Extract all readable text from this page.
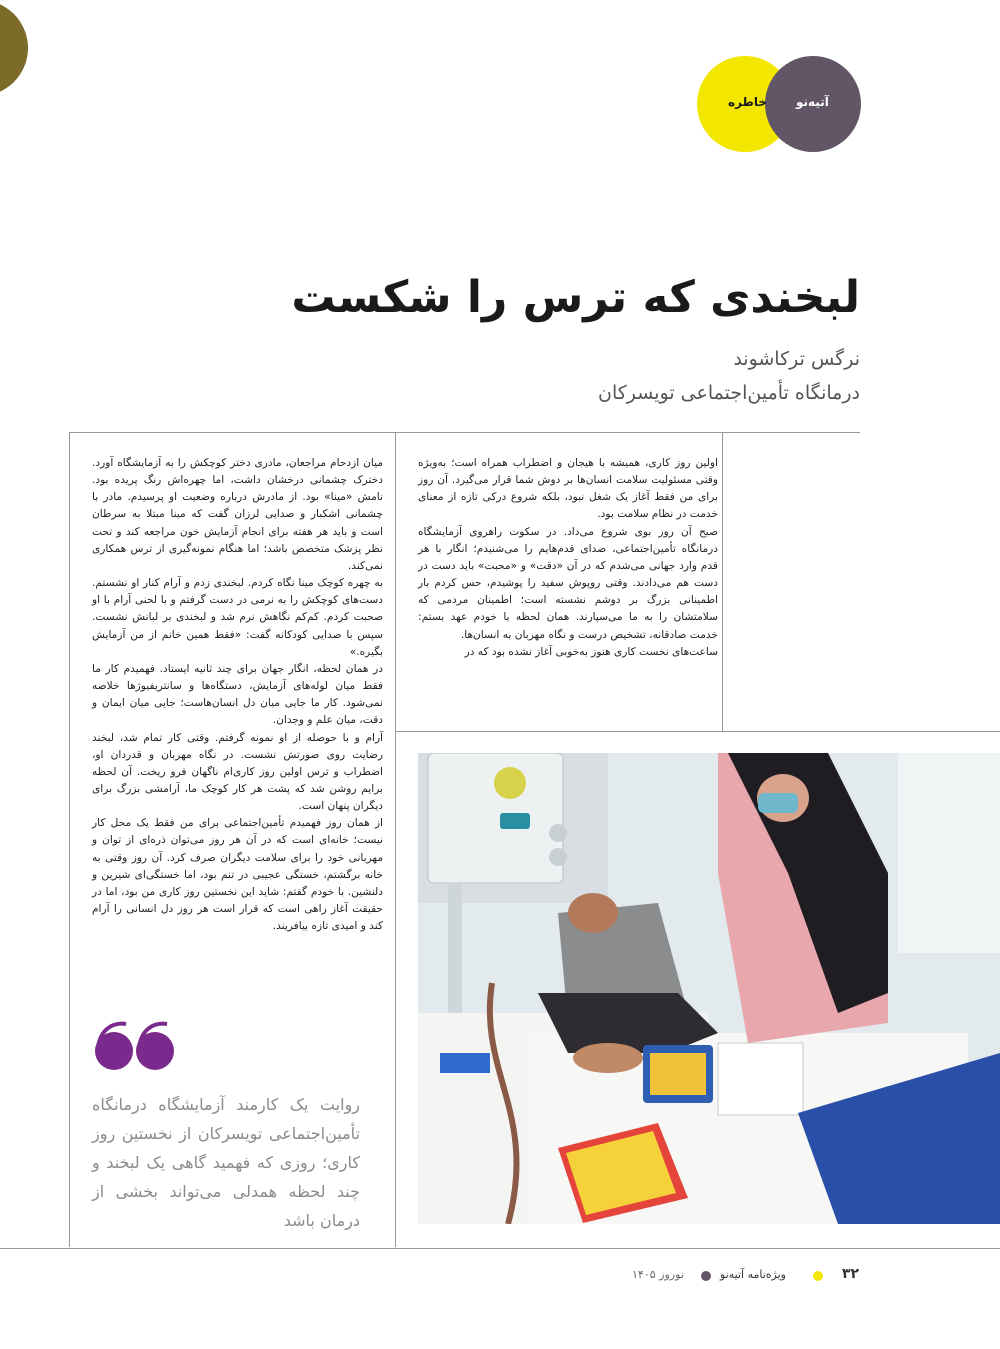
آتیه‌نو
خاطره
لبخندی که ترس را شکست
نرگس ترکاشوند
درمانگاه تأمین‌اجتماعی تویسرکان

اولین روز کاری، همیشه با هیجان و اضطراب همراه است؛ به‌ویژه وقتی مسئولیت سلامت انسان‌ها بر دوش شما قرار می‌گیرد. آن روز برای من فقط آغاز یک شغل نبود، بلکه شروع درکی تازه از معنای خدمت در نظام سلامت بود.

صبح آن روز بوی شروع می‌داد. در سکوت راهروی آزمایشگاه درمانگاه تأمین‌اجتماعی، صدای قدم‌هایم را می‌شنیدم؛ انگار با هر قدم وارد جهانی می‌شدم که در آن «دقت» و «محبت» باید دست در دست هم می‌دادند. وقتی روپوش سفید را پوشیدم، حس کردم بار اطمینانی بزرگ بر دوشم نشسته است؛ اطمینان مردمی که سلامتشان را به ما می‌سپارند. همان لحظه با خودم عهد بستم: خدمت صادقانه، تشخیص درست و نگاه مهربان به انسان‌ها.

ساعت‌های نخست کاری هنوز به‌خوبی آغاز نشده بود که در

میان ازدحام مراجعان، مادری دختر کوچکش را به آزمایشگاه آورد. دخترک چشمانی درخشان داشت، اما چهره‌اش رنگ پریده بود. نامش «مینا» بود. از مادرش درباره وضعیت او پرسیدم. مادر با چشمانی اشکبار و صدایی لرزان گفت که مینا مبتلا به سرطان است و باید هر هفته برای انجام آزمایش خون مراجعه کند و تحت نظر پزشک متخصص باشد؛ اما هنگام نمونه‌گیری از ترس همکاری نمی‌کند.

به چهره کوچک مینا نگاه کردم. لبخندی زدم و آرام کنار او نشستم. دست‌های کوچکش را به نرمی در دست گرفتم و با لحنی آرام با او صحبت کردم. کم‌کم نگاهش نرم شد و لبخندی بر لبانش نشست. سپس با صدایی کودکانه گفت: «فقط همین خانم از من آزمایش بگیره.»

در همان لحظه، انگار جهان برای چند ثانیه ایستاد. فهمیدم کار ما فقط میان لوله‌های آزمایش، دستگاه‌ها و سانتریفیوژها خلاصه نمی‌شود. کار ما جایی میان دل انسان‌هاست؛ جایی میان ایمان و دقت، میان علم و وجدان.

آرام و با حوصله از او نمونه گرفتم. وقتی کار تمام شد، لبخند رضایت روی صورتش نشست. در نگاه مهربان و قدردان او، اضطراب و ترس اولین روز کاری‌ام ناگهان فرو ریخت. آن لحظه برایم روشن شد که پشت هر کار کوچک ما، آرامشی بزرگ برای دیگران پنهان است.

از همان روز فهمیدم تأمین‌اجتماعی برای من فقط یک محل کار نیست؛ خانه‌ای است که در آن هر روز می‌توان ذره‌ای از توان و مهربانی خود را برای سلامت دیگران صرف کرد. آن روز وقتی به خانه برگشتم، خستگی عجیبی در تنم بود، اما خستگی‌ای شیرین و دلنشین. با خودم گفتم: شاید این نخستین روز کاری من بود، اما در حقیقت آغاز راهی است که قرار است هر روز دل انسانی را آرام کند و امیدی تازه بیافریند.

روایت یک کارمند آزمایشگاه درمانگاه تأمین‌اجتماعی تویسرکان از نخستین روز کاری؛ روزی که فهمید گاهی یک لبخند و چند لحظه همدلی می‌تواند بخشی از درمان باشد
۳۲
ویژه‌نامه آتیه‌نو
نوروز ۱۴۰۵
